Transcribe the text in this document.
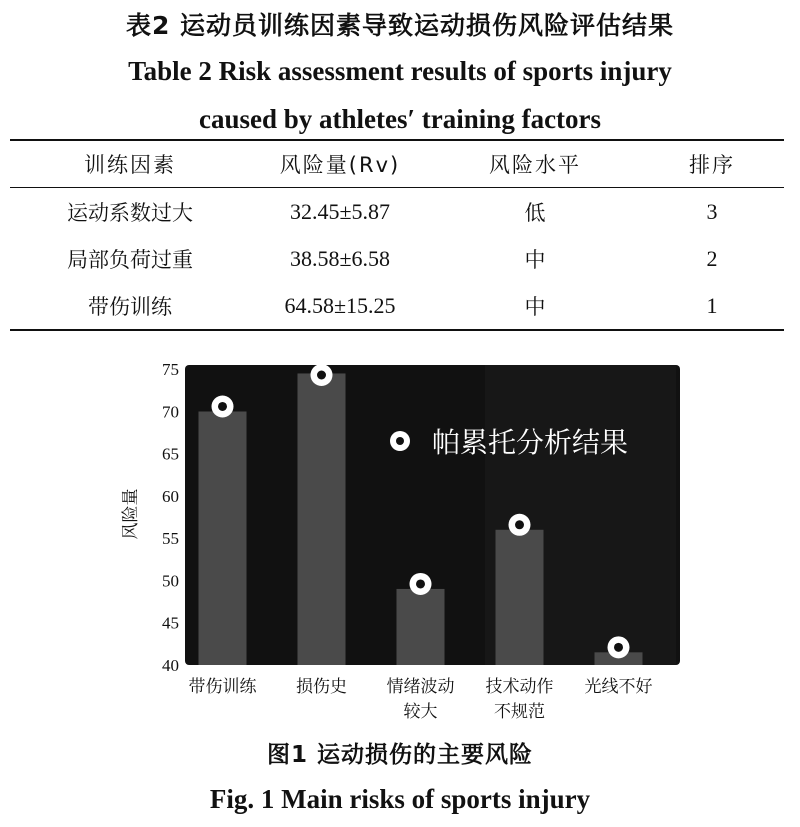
表2 运动员训练因素导致运动损伤风险评估结果
Table 2 Risk assessment results of sports injury
caused by athletes′ training factors
训练因素	风险量(Rv)	风险水平	排序
运动系数过大	32.45±5.87	低	3
局部负荷过重	38.58±6.58	中	2
带伤训练	64.58±15.25	中	1
风险量
40
45
50
55
60
65
70
75
带伤训练 损伤史 情绪波动
较大
技术动作
不规范
光线不好
帕累托分析结果
图1 运动损伤的主要风险
Fig. 1 Main risks of sports injury
